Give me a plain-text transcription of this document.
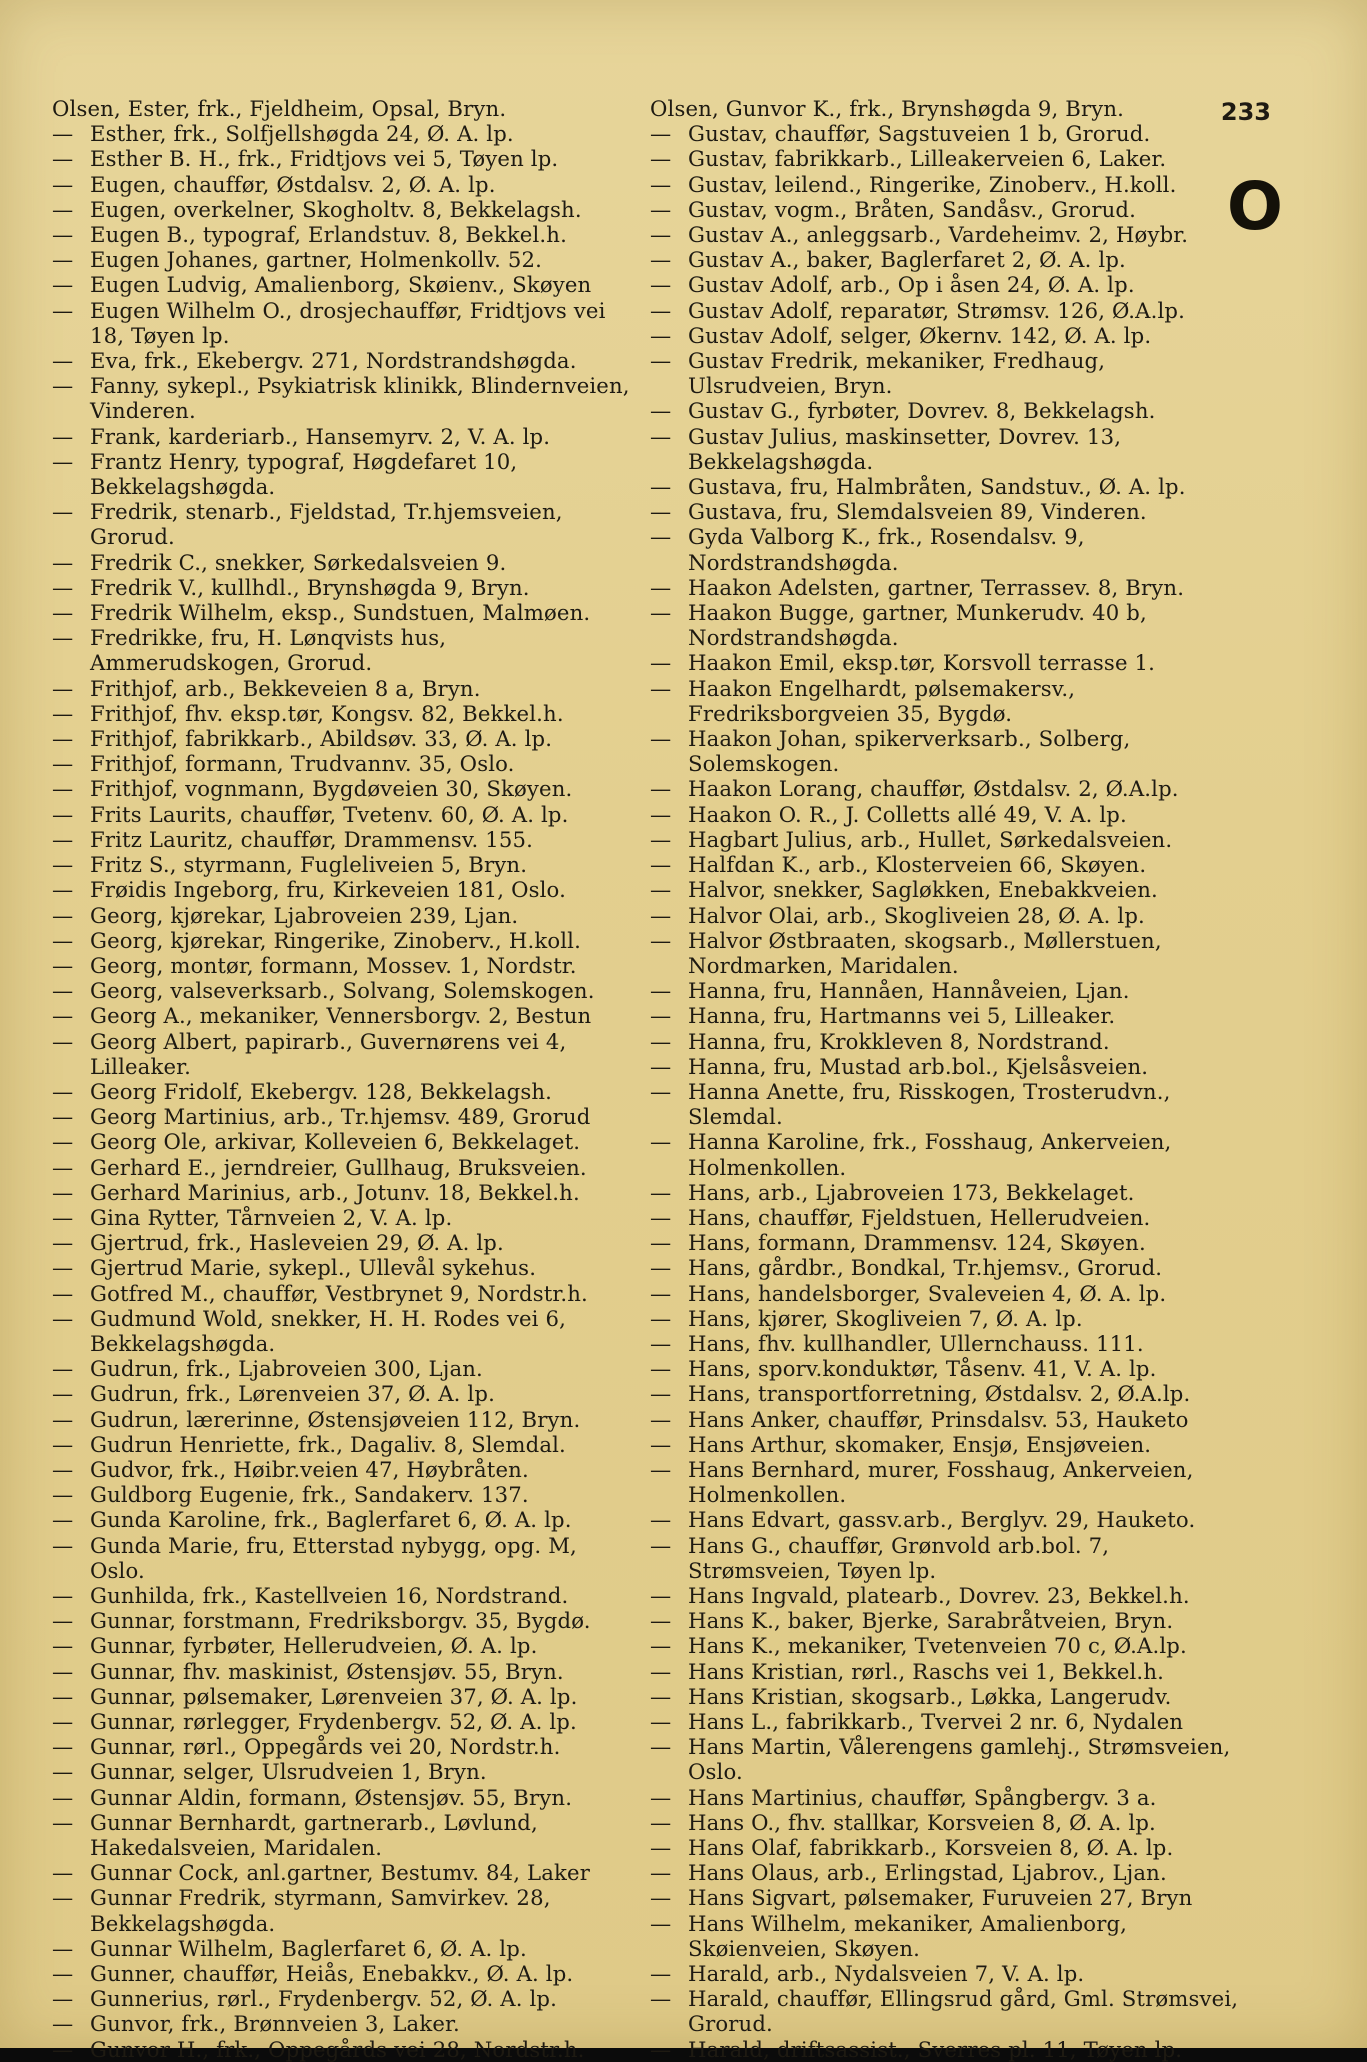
233
O

Olsen, Ester, frk., Fjeldheim, Opsal, Bryn.

— Esther, frk., Solfjellshøgda 24, Ø. A. lp.

— Esther B. H., frk., Fridtjovs vei 5, Tøyen lp.

— Eugen, chauffør, Østdalsv. 2, Ø. A. lp.

— Eugen, overkelner, Skogholtv. 8, Bekkelagsh.

— Eugen B., typograf, Erlandstuv. 8, Bekkel.h.

— Eugen Johanes, gartner, Holmenkollv. 52.

— Eugen Ludvig, Amalienborg, Skøienv., Skøyen

— Eugen Wilhelm O., drosjechauffør, Fridtjovs vei 18, Tøyen lp.

— Eva, frk., Ekebergv. 271, Nordstrandshøgda.

— Fanny, sykepl., Psykiatrisk klinikk, Blindernveien, Vinderen.

— Frank, karderiarb., Hansemyrv. 2, V. A. lp.

— Frantz Henry, typograf, Høgdefaret 10, Bekkelagshøgda.

— Fredrik, stenarb., Fjeldstad, Tr.hjemsveien, Grorud.

— Fredrik C., snekker, Sørkedalsveien 9.

— Fredrik V., kullhdl., Brynshøgda 9, Bryn.

— Fredrik Wilhelm, eksp., Sundstuen, Malmøen.

— Fredrikke, fru, H. Lønqvists hus, Ammerudskogen, Grorud.

— Frithjof, arb., Bekkeveien 8 a, Bryn.

— Frithjof, fhv. eksp.tør, Kongsv. 82, Bekkel.h.

— Frithjof, fabrikkarb., Abildsøv. 33, Ø. A. lp.

— Frithjof, formann, Trudvannv. 35, Oslo.

— Frithjof, vognmann, Bygdøveien 30, Skøyen.

— Frits Laurits, chauffør, Tvetenv. 60, Ø. A. lp.

— Fritz Lauritz, chauffør, Drammensv. 155.

— Fritz S., styrmann, Fugleliveien 5, Bryn.

— Frøidis Ingeborg, fru, Kirkeveien 181, Oslo.

— Georg, kjørekar, Ljabroveien 239, Ljan.

— Georg, kjørekar, Ringerike, Zinoberv., H.koll.

— Georg, montør, formann, Mossev. 1, Nordstr.

— Georg, valseverksarb., Solvang, Solemskogen.

— Georg A., mekaniker, Vennersborgv. 2, Bestun

— Georg Albert, papirarb., Guvernørens vei 4, Lilleaker.

— Georg Fridolf, Ekebergv. 128, Bekkelagsh.

— Georg Martinius, arb., Tr.hjemsv. 489, Grorud

— Georg Ole, arkivar, Kolleveien 6, Bekkelaget.

— Gerhard E., jerndreier, Gullhaug, Bruksveien.

— Gerhard Marinius, arb., Jotunv. 18, Bekkel.h.

— Gina Rytter, Tårnveien 2, V. A. lp.

— Gjertrud, frk., Hasleveien 29, Ø. A. lp.

— Gjertrud Marie, sykepl., Ullevål sykehus.

— Gotfred M., chauffør, Vestbrynet 9, Nordstr.h.

— Gudmund Wold, snekker, H. H. Rodes vei 6, Bekkelagshøgda.

— Gudrun, frk., Ljabroveien 300, Ljan.

— Gudrun, frk., Lørenveien 37, Ø. A. lp.

— Gudrun, lærerinne, Østensjøveien 112, Bryn.

— Gudrun Henriette, frk., Dagaliv. 8, Slemdal.

— Gudvor, frk., Høibr.veien 47, Høybråten.

— Guldborg Eugenie, frk., Sandakerv. 137.

— Gunda Karoline, frk., Baglerfaret 6, Ø. A. lp.

— Gunda Marie, fru, Etterstad nybygg, opg. M, Oslo.

— Gunhilda, frk., Kastellveien 16, Nordstrand.

— Gunnar, forstmann, Fredriksborgv. 35, Bygdø.

— Gunnar, fyrbøter, Hellerudveien, Ø. A. lp.

— Gunnar, fhv. maskinist, Østensjøv. 55, Bryn.

— Gunnar, pølsemaker, Lørenveien 37, Ø. A. lp.

— Gunnar, rørlegger, Frydenbergv. 52, Ø. A. lp.

— Gunnar, rørl., Oppegårds vei 20, Nordstr.h.

— Gunnar, selger, Ulsrudveien 1, Bryn.

— Gunnar Aldin, formann, Østensjøv. 55, Bryn.

— Gunnar Bernhardt, gartnerarb., Løvlund, Hakedalsveien, Maridalen.

— Gunnar Cock, anl.gartner, Bestumv. 84, Laker

— Gunnar Fredrik, styrmann, Samvirkev. 28, Bekkelagshøgda.

— Gunnar Wilhelm, Baglerfaret 6, Ø. A. lp.

— Gunner, chauffør, Heiås, Enebakkv., Ø. A. lp.

— Gunnerius, rørl., Frydenbergv. 52, Ø. A. lp.

— Gunvor, frk., Brønnveien 3, Laker.

— Gunvor H., frk., Oppegårds vei 28, Nordstr.h.

Olsen, Gunvor K., frk., Brynshøgda 9, Bryn.

— Gustav, chauffør, Sagstuveien 1 b, Grorud.

— Gustav, fabrikkarb., Lilleakerveien 6, Laker.

— Gustav, leilend., Ringerike, Zinoberv., H.koll.

— Gustav, vogm., Bråten, Sandåsv., Grorud.

— Gustav A., anleggsarb., Vardeheimv. 2, Høybr.

— Gustav A., baker, Baglerfaret 2, Ø. A. lp.

— Gustav Adolf, arb., Op i åsen 24, Ø. A. lp.

— Gustav Adolf, reparatør, Strømsv. 126, Ø.A.lp.

— Gustav Adolf, selger, Økernv. 142, Ø. A. lp.

— Gustav Fredrik, mekaniker, Fredhaug, Ulsrudveien, Bryn.

— Gustav G., fyrbøter, Dovrev. 8, Bekkelagsh.

— Gustav Julius, maskinsetter, Dovrev. 13, Bekkelagshøgda.

— Gustava, fru, Halmbråten, Sandstuv., Ø. A. lp.

— Gustava, fru, Slemdalsveien 89, Vinderen.

— Gyda Valborg K., frk., Rosendalsv. 9, Nordstrandshøgda.

— Haakon Adelsten, gartner, Terrassev. 8, Bryn.

— Haakon Bugge, gartner, Munkerudv. 40 b, Nordstrandshøgda.

— Haakon Emil, eksp.tør, Korsvoll terrasse 1.

— Haakon Engelhardt, pølsemakersv., Fredriksborgveien 35, Bygdø.

— Haakon Johan, spikerverksarb., Solberg, Solemskogen.

— Haakon Lorang, chauffør, Østdalsv. 2, Ø.A.lp.

— Haakon O. R., J. Colletts allé 49, V. A. lp.

— Hagbart Julius, arb., Hullet, Sørkedalsveien.

— Halfdan K., arb., Klosterveien 66, Skøyen.

— Halvor, snekker, Sagløkken, Enebakkveien.

— Halvor Olai, arb., Skogliveien 28, Ø. A. lp.

— Halvor Østbraaten, skogsarb., Møllerstuen, Nordmarken, Maridalen.

— Hanna, fru, Hannåen, Hannåveien, Ljan.

— Hanna, fru, Hartmanns vei 5, Lilleaker.

— Hanna, fru, Krokkleven 8, Nordstrand.

— Hanna, fru, Mustad arb.bol., Kjelsåsveien.

— Hanna Anette, fru, Risskogen, Trosterudvn., Slemdal.

— Hanna Karoline, frk., Fosshaug, Ankerveien, Holmenkollen.

— Hans, arb., Ljabroveien 173, Bekkelaget.

— Hans, chauffør, Fjeldstuen, Hellerudveien.

— Hans, formann, Drammensv. 124, Skøyen.

— Hans, gårdbr., Bondkal, Tr.hjemsv., Grorud.

— Hans, handelsborger, Svaleveien 4, Ø. A. lp.

— Hans, kjører, Skogliveien 7, Ø. A. lp.

— Hans, fhv. kullhandler, Ullernchauss. 111.

— Hans, sporv.konduktør, Tåsenv. 41, V. A. lp.

— Hans, transportforretning, Østdalsv. 2, Ø.A.lp.

— Hans Anker, chauffør, Prinsdalsv. 53, Hauketo

— Hans Arthur, skomaker, Ensjø, Ensjøveien.

— Hans Bernhard, murer, Fosshaug, Ankerveien, Holmenkollen.

— Hans Edvart, gassv.arb., Berglyv. 29, Hauketo.

— Hans G., chauffør, Grønvold arb.bol. 7, Strømsveien, Tøyen lp.

— Hans Ingvald, platearb., Dovrev. 23, Bekkel.h.

— Hans K., baker, Bjerke, Sarabråtveien, Bryn.

— Hans K., mekaniker, Tvetenveien 70 c, Ø.A.lp.

— Hans Kristian, rørl., Raschs vei 1, Bekkel.h.

— Hans Kristian, skogsarb., Løkka, Langerudv.

— Hans L., fabrikkarb., Tvervei 2 nr. 6, Nydalen

— Hans Martin, Vålerengens gamlehj., Strømsveien, Oslo.

— Hans Martinius, chauffør, Spångbergv. 3 a.

— Hans O., fhv. stallkar, Korsveien 8, Ø. A. lp.

— Hans Olaf, fabrikkarb., Korsveien 8, Ø. A. lp.

— Hans Olaus, arb., Erlingstad, Ljabrov., Ljan.

— Hans Sigvart, pølsemaker, Furuveien 27, Bryn

— Hans Wilhelm, mekaniker, Amalienborg, Skøienveien, Skøyen.

— Harald, arb., Nydalsveien 7, V. A. lp.

— Harald, chauffør, Ellingsrud gård, Gml. Strømsvei, Grorud.

— Harald, driftsassist., Sverres pl. 11, Tøyen lp.
